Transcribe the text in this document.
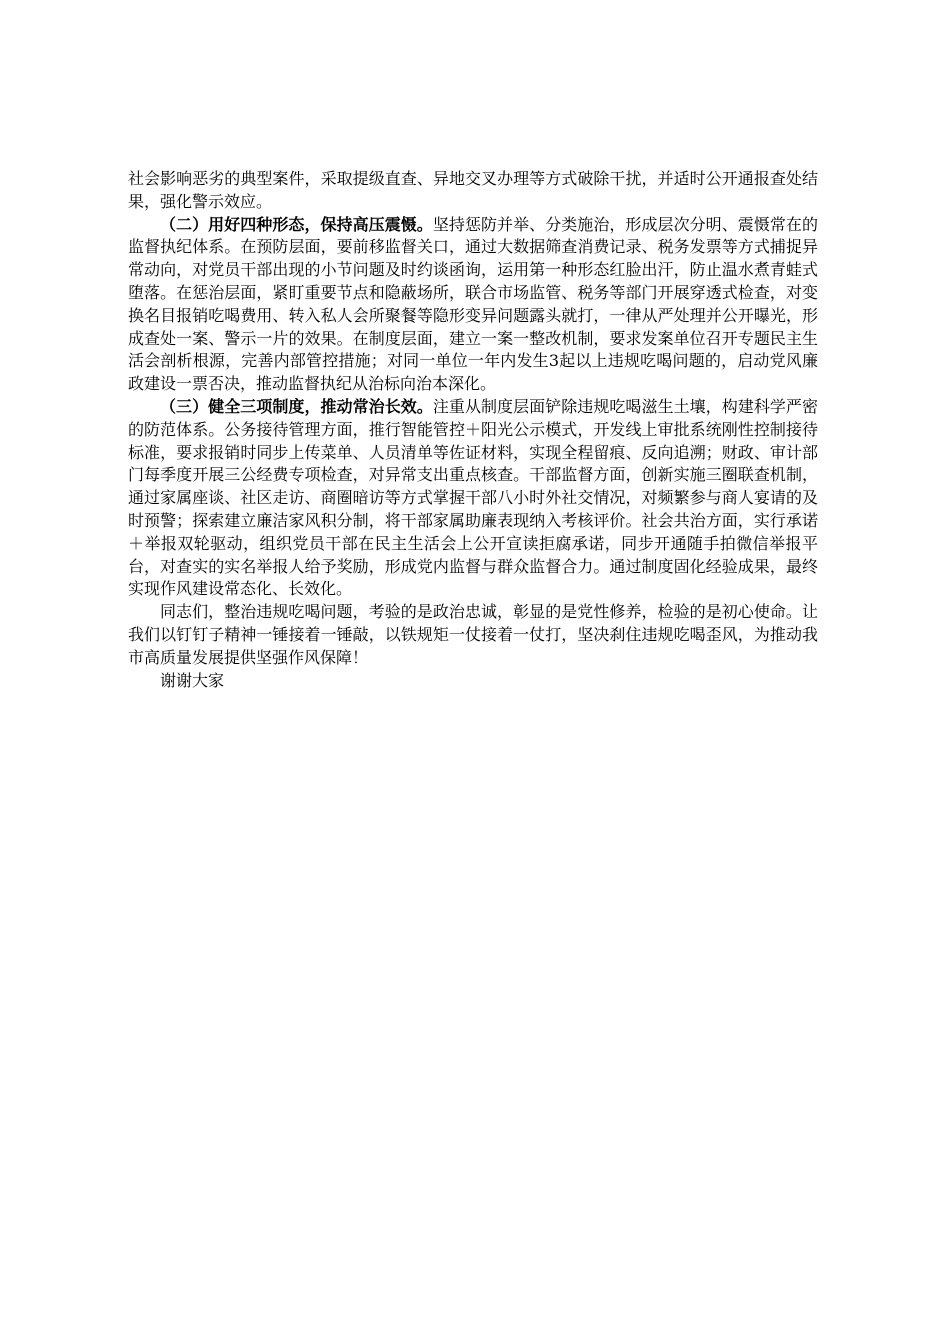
社会影响恶劣的典型案件，采取提级直查、异地交叉办理等方式破除干扰，并适时公开通报查处结果，强化警示效应。

（二）用好四种形态，保持高压震慑。坚持惩防并举、分类施治，形成层次分明、震慑常在的监督执纪体系。在预防层面，要前移监督关口，通过大数据筛查消费记录、税务发票等方式捕捉异常动向，对党员干部出现的小节问题及时约谈函询，运用第一种形态红脸出汗，防止温水煮青蛙式堕落。在惩治层面，紧盯重要节点和隐蔽场所，联合市场监管、税务等部门开展穿透式检查，对变换名目报销吃喝费用、转入私人会所聚餐等隐形变异问题露头就打，一律从严处理并公开曝光，形成查处一案、警示一片的效果。在制度层面，建立一案一整改机制，要求发案单位召开专题民主生活会剖析根源，完善内部管控措施；对同一单位一年内发生3起以上违规吃喝问题的，启动党风廉政建设一票否决，推动监督执纪从治标向治本深化。

（三）健全三项制度，推动常治长效。注重从制度层面铲除违规吃喝滋生土壤，构建科学严密的防范体系。公务接待管理方面，推行智能管控＋阳光公示模式，开发线上审批系统刚性控制接待标准，要求报销时同步上传菜单、人员清单等佐证材料，实现全程留痕、反向追溯；财政、审计部门每季度开展三公经费专项检查，对异常支出重点核查。干部监督方面，创新实施三圈联查机制，通过家属座谈、社区走访、商圈暗访等方式掌握干部八小时外社交情况，对频繁参与商人宴请的及时预警；探索建立廉洁家风积分制，将干部家属助廉表现纳入考核评价。社会共治方面，实行承诺＋举报双轮驱动，组织党员干部在民主生活会上公开宣读拒腐承诺，同步开通随手拍微信举报平台，对查实的实名举报人给予奖励，形成党内监督与群众监督合力。通过制度固化经验成果，最终实现作风建设常态化、长效化。

同志们，整治违规吃喝问题，考验的是政治忠诚，彰显的是党性修养，检验的是初心使命。让我们以钉钉子精神一锤接着一锤敲，以铁规矩一仗接着一仗打，坚决刹住违规吃喝歪风，为推动我市高质量发展提供坚强作风保障！

谢谢大家
